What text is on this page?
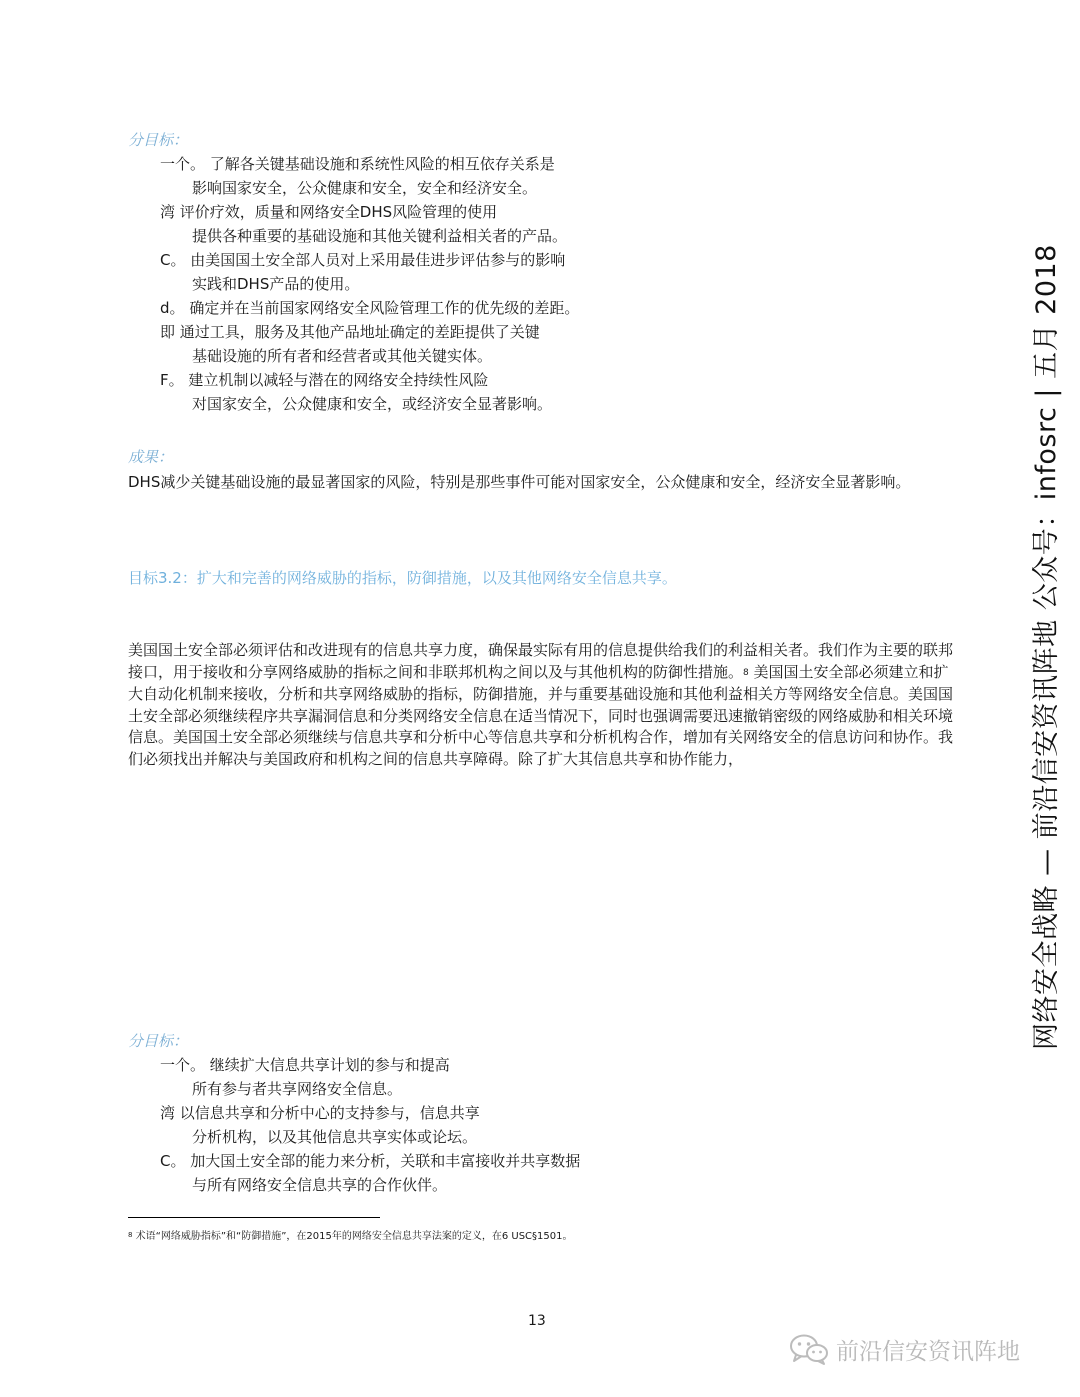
分目标：
一个。 了解各关键基础设施和系统性风险的相互依存关系是
影响国家安全，公众健康和安全，安全和经济安全。
湾 评价疗效，质量和网络安全DHS风险管理的使用
提供各种重要的基础设施和其他关键利益相关者的产品。
C。 由美国国土安全部人员对上采用最佳进步评估参与的影响
实践和DHS产品的使用。
d。 确定并在当前国家网络安全风险管理工作的优先级的差距。
即 通过工具，服务及其他产品地址确定的差距提供了关键
基础设施的所有者和经营者或其他关键实体。
F。 建立机制以减轻与潜在的网络安全持续性风险
对国家安全，公众健康和安全，或经济安全显著影响。
成果：
DHS减少关键基础设施的最显著国家的风险，特别是那些事件可能对国家安全，公众健康和安全，经济安全显著影响。
目标3.2：扩大和完善的网络威胁的指标，防御措施，以及其他网络安全信息共享。
美国国土安全部必须评估和改进现有的信息共享力度，确保最实际有用的信息提供给我们的利益相关者。我们作为主要的联邦接口，用于接收和分享网络威胁的指标之间和非联邦机构之间以及与其他机构的防御性措施。$^8$ 美国国土安全部必须建立和扩大自动化机制来接收，分析和共享网络威胁的指标，防御措施，并与重要基础设施和其他利益相关方等网络安全信息。美国国土安全部必须继续程序共享漏洞信息和分类网络安全信息在适当情况下，同时也强调需要迅速撤销密级的网络威胁和相关环境信息。美国国土安全部必须继续与信息共享和分析中心等信息共享和分析机构合作，增加有关网络安全的信息访问和协作。我们必须找出并解决与美国政府和机构之间的信息共享障碍。除了扩大其信息共享和协作能力，
分目标：
一个。 继续扩大信息共享计划的参与和提高
所有参与者共享网络安全信息。
湾 以信息共享和分析中心的支持参与，信息共享
分析机构，以及其他信息共享实体或论坛。
C。 加大国土安全部的能力来分析，关联和丰富接收并共享数据
与所有网络安全信息共享的合作伙伴。
$^8$ 术语“网络威胁指标”和“防御措施”，在2015年的网络安全信息共享法案的定义，在6 USC§1501。
13
网络安全战略 — 前沿信安资讯阵地 公众号：infosrc | 五月 2018
前沿信安资讯阵地
